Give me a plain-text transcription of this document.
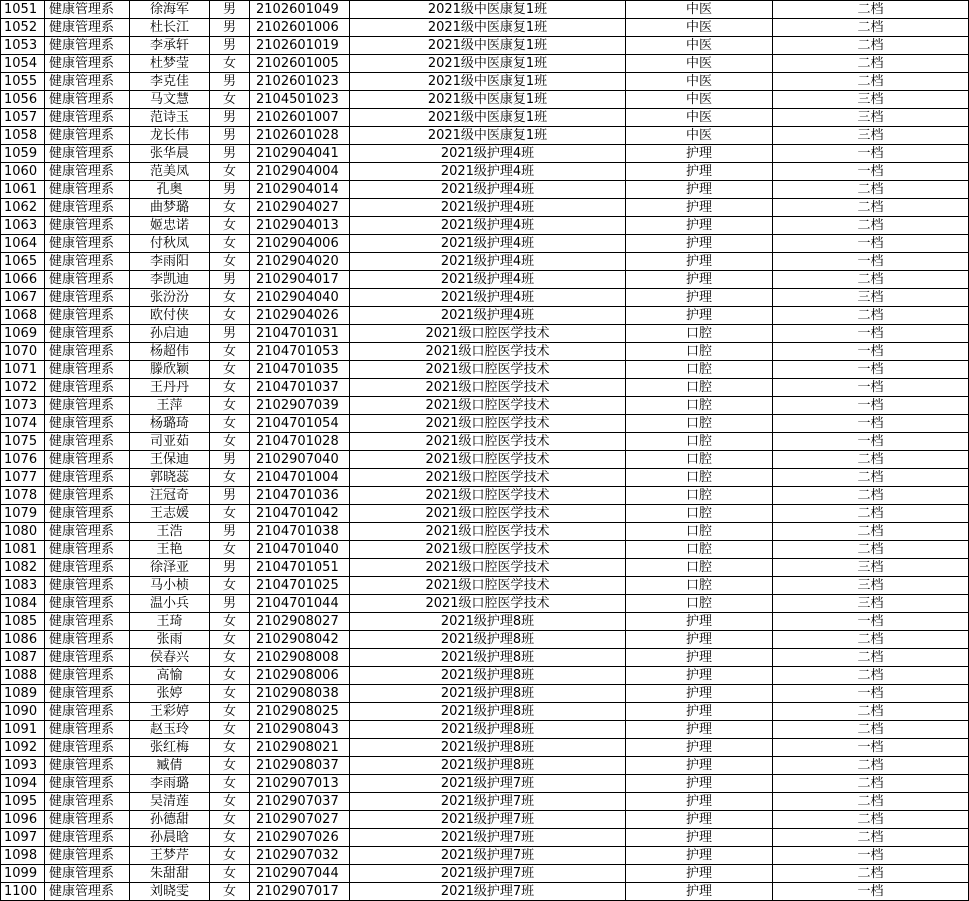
1051	健康管理系	徐海军	男	2102601049	2021级中医康复1班	中医	二档
1052	健康管理系	杜长江	男	2102601006	2021级中医康复1班	中医	二档
1053	健康管理系	李承轩	男	2102601019	2021级中医康复1班	中医	二档
1054	健康管理系	杜梦莹	女	2102601005	2021级中医康复1班	中医	二档
1055	健康管理系	李克佳	男	2102601023	2021级中医康复1班	中医	二档
1056	健康管理系	马文慧	女	2104501023	2021级中医康复1班	中医	三档
1057	健康管理系	范诗玉	男	2102601007	2021级中医康复1班	中医	三档
1058	健康管理系	龙长伟	男	2102601028	2021级中医康复1班	中医	三档
1059	健康管理系	张华晨	男	2102904041	2021级护理4班	护理	一档
1060	健康管理系	范美凤	女	2102904004	2021级护理4班	护理	一档
1061	健康管理系	孔奥	男	2102904014	2021级护理4班	护理	二档
1062	健康管理系	曲梦璐	女	2102904027	2021级护理4班	护理	二档
1063	健康管理系	姬忠诺	女	2102904013	2021级护理4班	护理	二档
1064	健康管理系	付秋凤	女	2102904006	2021级护理4班	护理	一档
1065	健康管理系	李雨阳	女	2102904020	2021级护理4班	护理	一档
1066	健康管理系	李凯迪	男	2102904017	2021级护理4班	护理	二档
1067	健康管理系	张汾汾	女	2102904040	2021级护理4班	护理	三档
1068	健康管理系	欧付侠	女	2102904026	2021级护理4班	护理	二档
1069	健康管理系	孙启迪	男	2104701031	2021级口腔医学技术	口腔	一档
1070	健康管理系	杨超伟	女	2104701053	2021级口腔医学技术	口腔	一档
1071	健康管理系	滕欣颖	女	2104701035	2021级口腔医学技术	口腔	一档
1072	健康管理系	王丹丹	女	2104701037	2021级口腔医学技术	口腔	一档
1073	健康管理系	王萍	女	2102907039	2021级口腔医学技术	口腔	一档
1074	健康管理系	杨璐琦	女	2104701054	2021级口腔医学技术	口腔	一档
1075	健康管理系	司亚茹	女	2104701028	2021级口腔医学技术	口腔	一档
1076	健康管理系	王保迪	男	2102907040	2021级口腔医学技术	口腔	二档
1077	健康管理系	郭晓蕊	女	2104701004	2021级口腔医学技术	口腔	二档
1078	健康管理系	汪冠奇	男	2104701036	2021级口腔医学技术	口腔	二档
1079	健康管理系	王志媛	女	2104701042	2021级口腔医学技术	口腔	二档
1080	健康管理系	王浩	男	2104701038	2021级口腔医学技术	口腔	二档
1081	健康管理系	王艳	女	2104701040	2021级口腔医学技术	口腔	二档
1082	健康管理系	徐泽亚	男	2104701051	2021级口腔医学技术	口腔	三档
1083	健康管理系	马小桢	女	2104701025	2021级口腔医学技术	口腔	三档
1084	健康管理系	温小兵	男	2104701044	2021级口腔医学技术	口腔	三档
1085	健康管理系	王琦	女	2102908027	2021级护理8班	护理	一档
1086	健康管理系	张雨	女	2102908042	2021级护理8班	护理	二档
1087	健康管理系	侯春兴	女	2102908008	2021级护理8班	护理	二档
1088	健康管理系	高愉	女	2102908006	2021级护理8班	护理	二档
1089	健康管理系	张婷	女	2102908038	2021级护理8班	护理	一档
1090	健康管理系	王彩婷	女	2102908025	2021级护理8班	护理	二档
1091	健康管理系	赵玉玲	女	2102908043	2021级护理8班	护理	二档
1092	健康管理系	张红梅	女	2102908021	2021级护理8班	护理	一档
1093	健康管理系	臧倩	女	2102908037	2021级护理8班	护理	二档
1094	健康管理系	李雨璐	女	2102907013	2021级护理7班	护理	二档
1095	健康管理系	吴清莲	女	2102907037	2021级护理7班	护理	二档
1096	健康管理系	孙德甜	女	2102907027	2021级护理7班	护理	二档
1097	健康管理系	孙晨晗	女	2102907026	2021级护理7班	护理	二档
1098	健康管理系	王梦芹	女	2102907032	2021级护理7班	护理	一档
1099	健康管理系	朱甜甜	女	2102907044	2021级护理7班	护理	二档
1100	健康管理系	刘晓雯	女	2102907017	2021级护理7班	护理	一档
